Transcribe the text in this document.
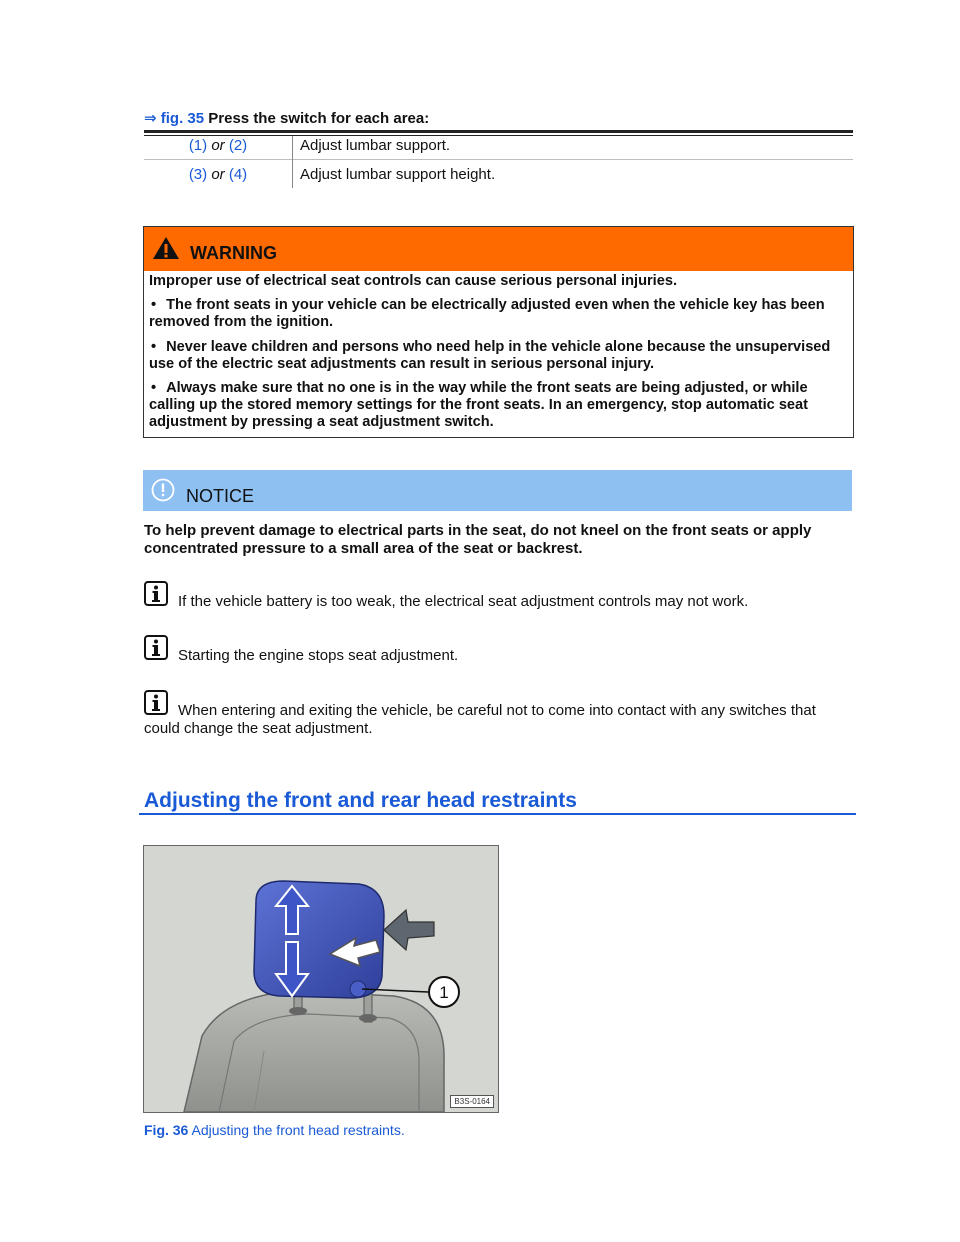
⇒ fig. 35 Press the switch for each area:
(1) or (2)	Adjust lumbar support.
(3) or (4)	Adjust lumbar support height.
WARNING
Improper use of electrical seat controls can cause serious personal injuries.
• The front seats in your vehicle can be electrically adjusted even when the vehicle key has been removed from the ignition.
• Never leave children and persons who need help in the vehicle alone because the unsupervised use of the electric seat adjustments can result in serious personal injury.
• Always make sure that no one is in the way while the front seats are being adjusted, or while calling up the stored memory settings for the front seats. In an emergency, stop automatic seat adjustment by pressing a seat adjustment switch.
NOTICE
To help prevent damage to electrical parts in the seat, do not kneel on the front seats or apply concentrated pressure to a small area of the seat or backrest.
If the vehicle battery is too weak, the electrical seat adjustment controls may not work.
Starting the engine stops seat adjustment.
When entering and exiting the vehicle, be careful not to come into contact with any switches that could change the seat adjustment.
Adjusting the front and rear head restraints
1
B3S-0164
Fig. 36 Adjusting the front head restraints.
